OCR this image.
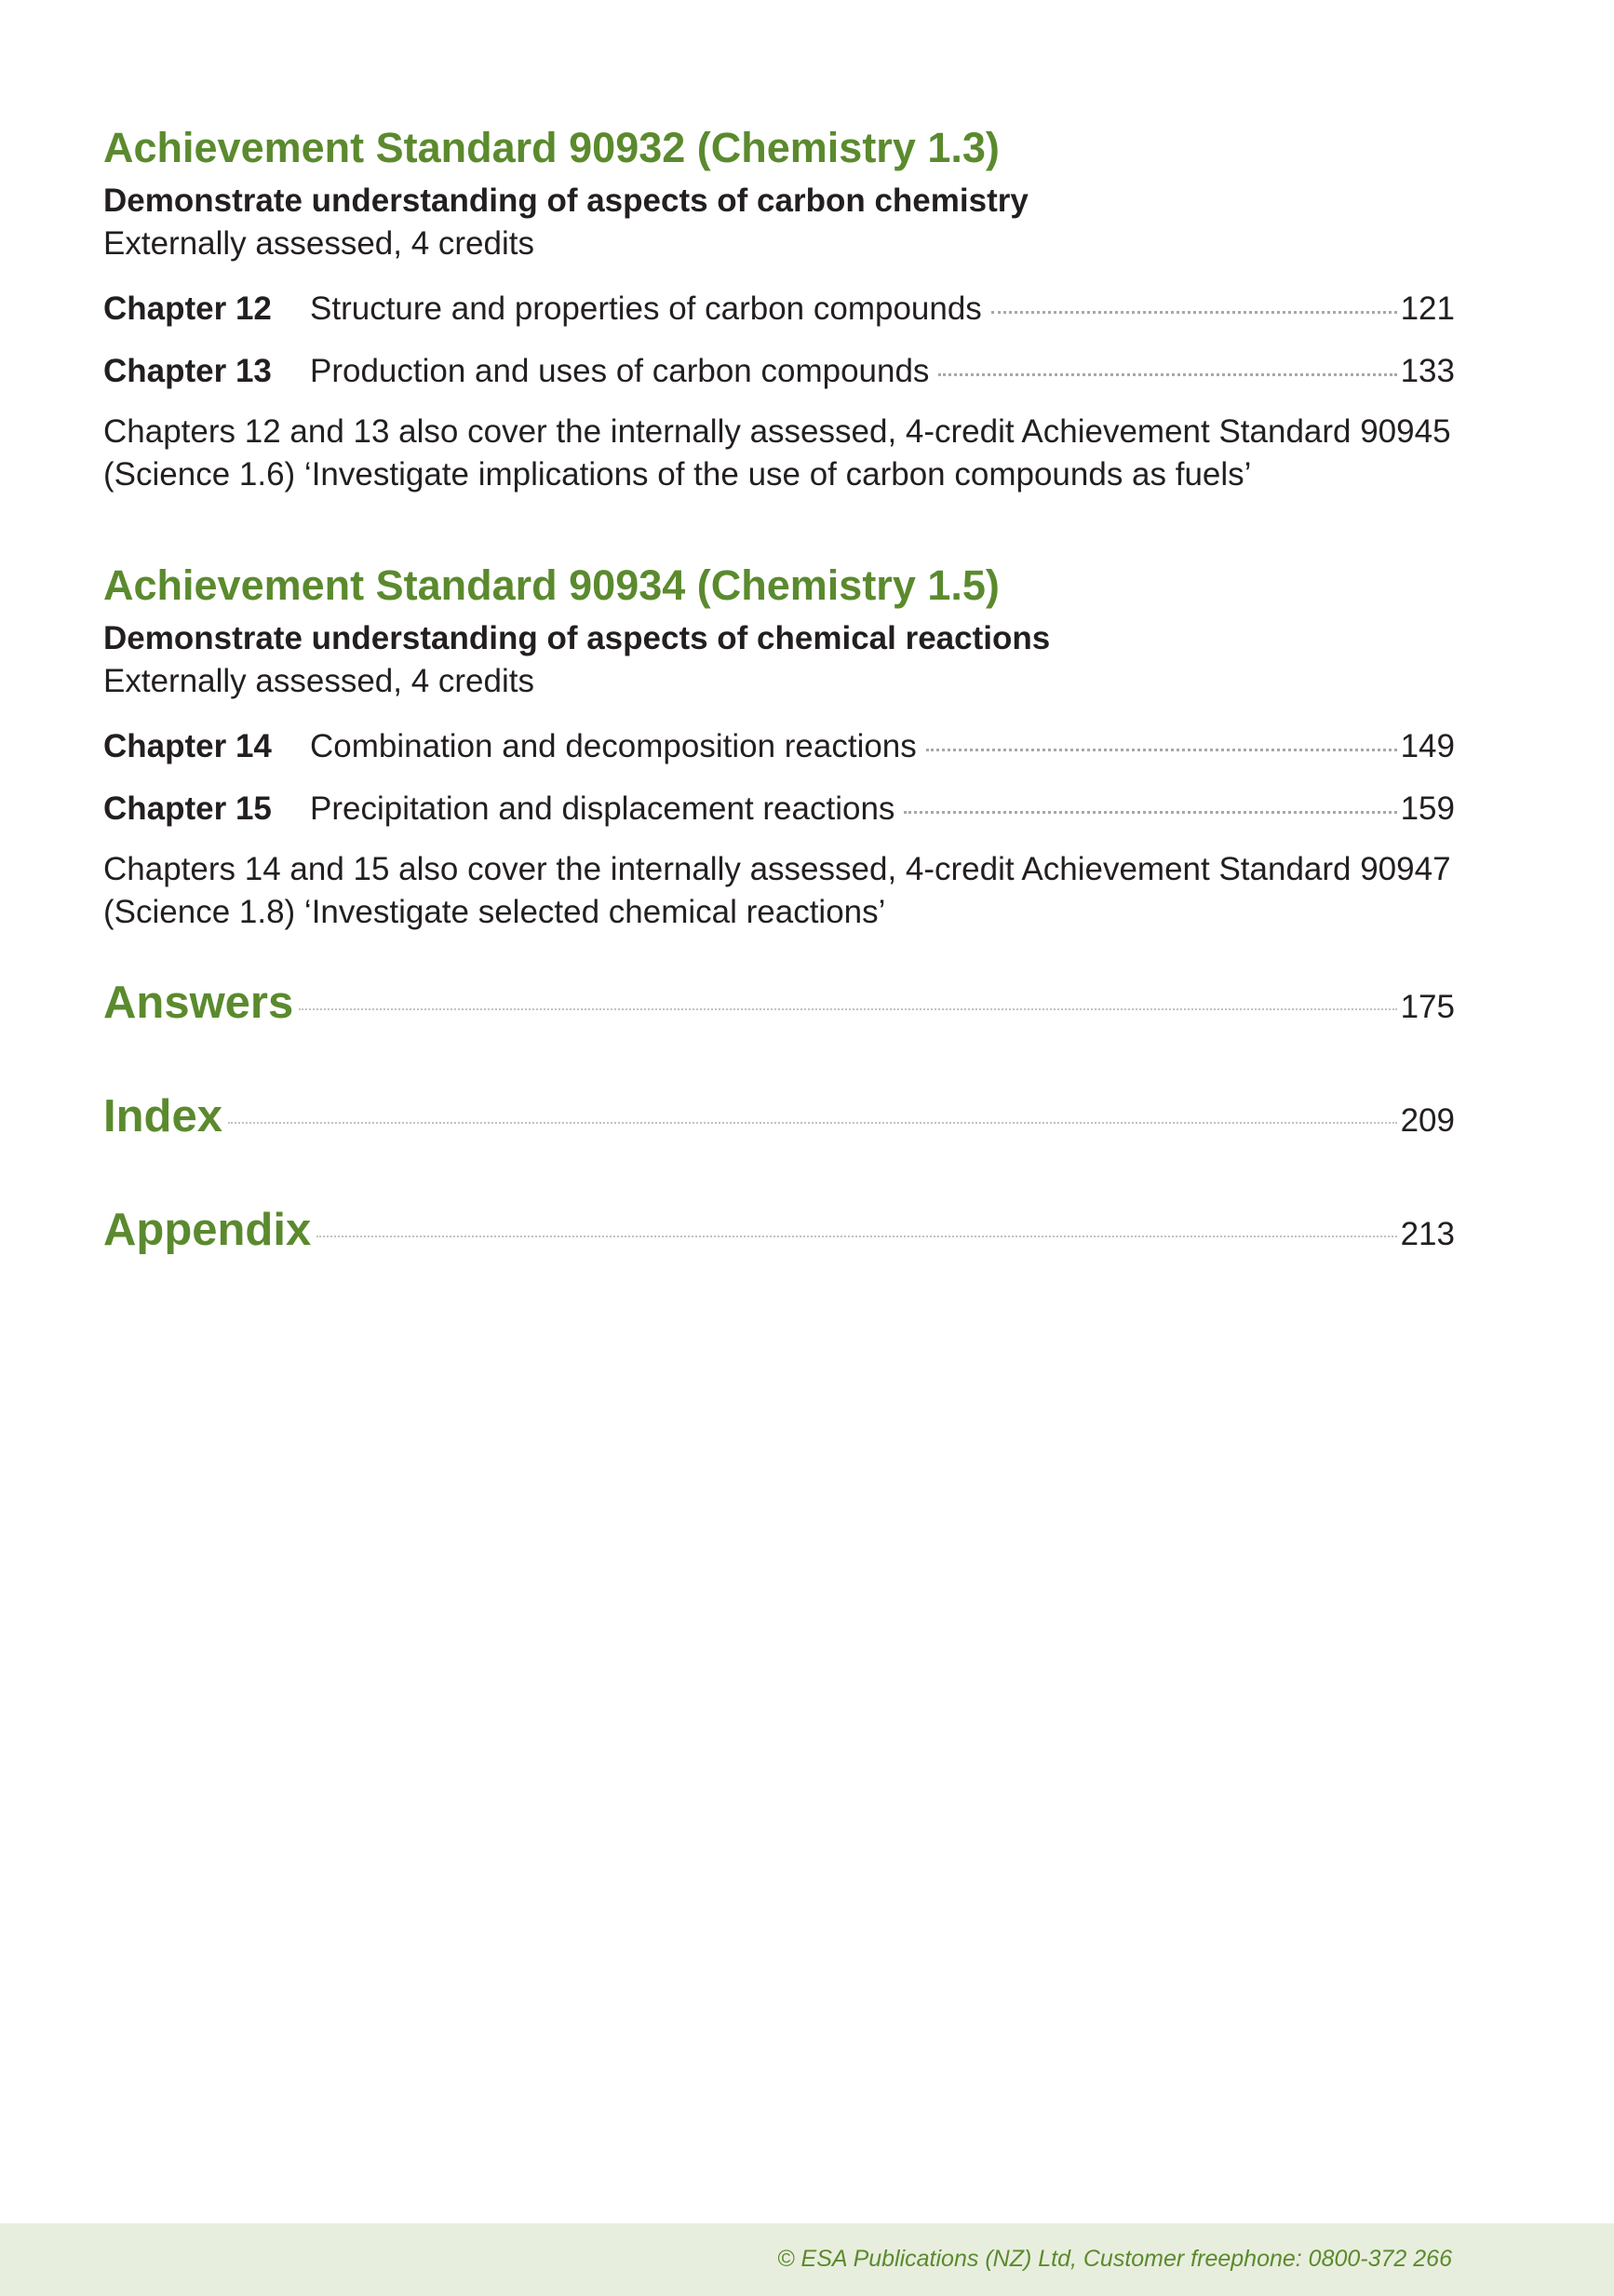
Achievement Standard 90932 (Chemistry 1.3)

Demonstrate understanding of aspects of carbon chemistry

Externally assessed, 4 credits

Chapter 12	Structure and properties of carbon compounds	121
Chapter 13	Production and uses of carbon compounds	133

Chapters 12 and 13 also cover the internally assessed, 4-credit Achievement Standard 90945 (Science 1.6) ‘Investigate implications of the use of carbon compounds as fuels’

Achievement Standard 90934 (Chemistry 1.5)

Demonstrate understanding of aspects of chemical reactions

Externally assessed, 4 credits

Chapter 14	Combination and decomposition reactions	149
Chapter 15	Precipitation and displacement reactions	159

Chapters 14 and 15 also cover the internally assessed, 4-credit Achievement Standard 90947 (Science 1.8) ‘Investigate selected chemical reactions’

Answers	175
Index	209
Appendix	213
© ESA Publications (NZ) Ltd, Customer freephone: 0800-372 266
